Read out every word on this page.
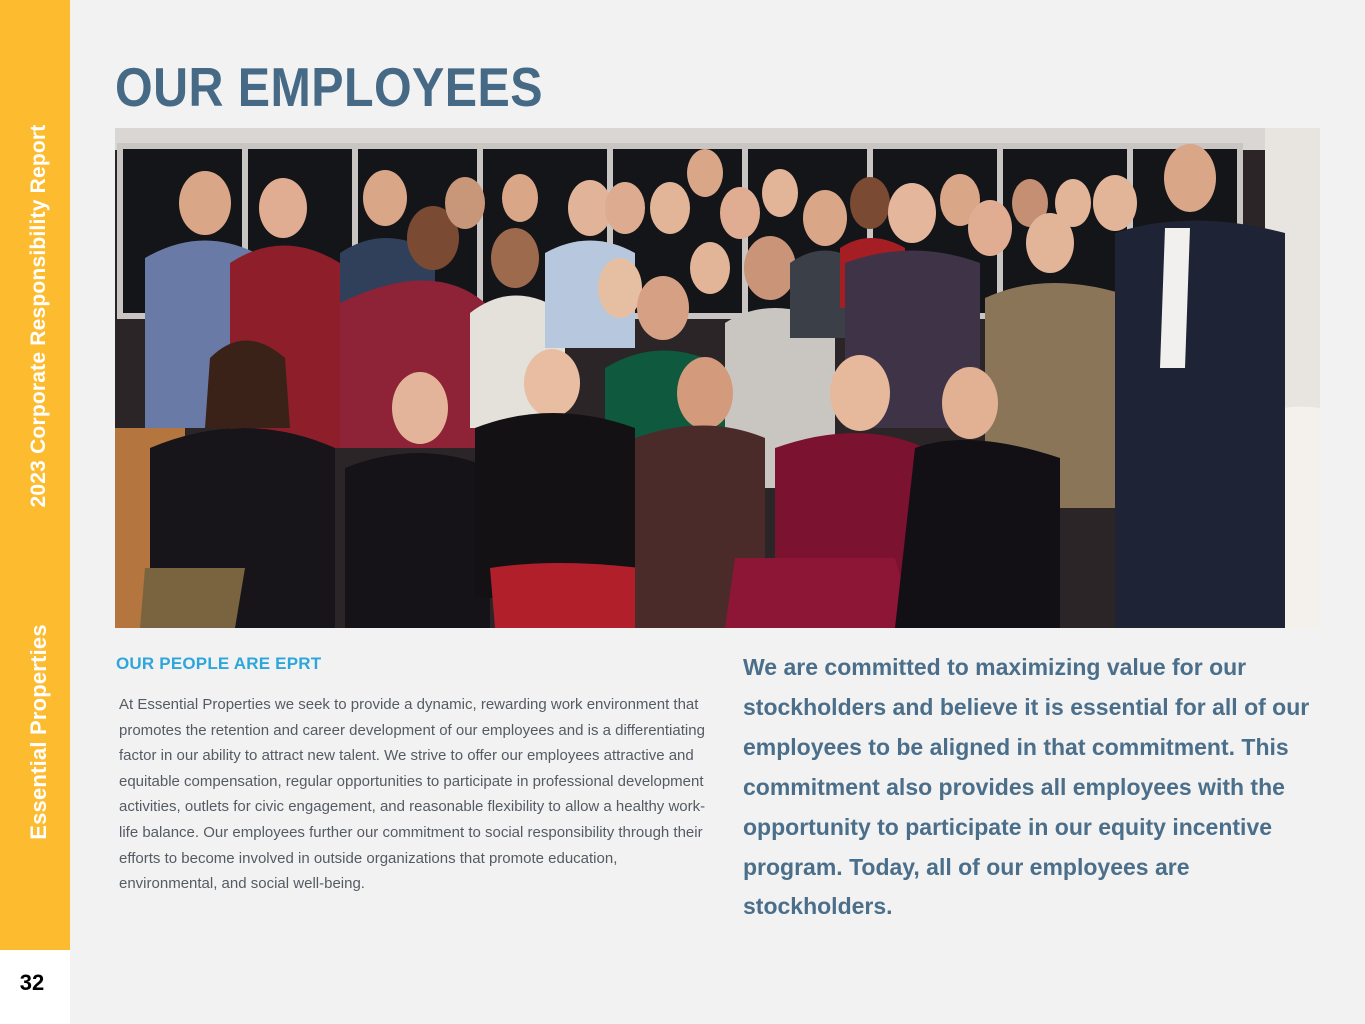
2023 Corporate Responsibility Report
Essential Properties
32
OUR EMPLOYEES
OUR PEOPLE ARE EPRT

At Essential Properties we seek to provide a dynamic, rewarding work environment that promotes the retention and career development of our employees and is a differentiating factor in our ability to attract new talent. We strive to offer our employees attractive and equitable compensation, regular opportunities to participate in professional development activities, outlets for civic engagement, and reasonable flexibility to allow a healthy work-life balance. Our employees further our commitment to social responsibility through their efforts to become involved in outside organizations that promote education, environmental, and social well-being.

We are committed to maximizing value for our stockholders and believe it is essential for all of our employees to be aligned in that commitment. This commitment also provides all employees with the opportunity to participate in our equity incentive program. Today, all of our employees are stockholders.
